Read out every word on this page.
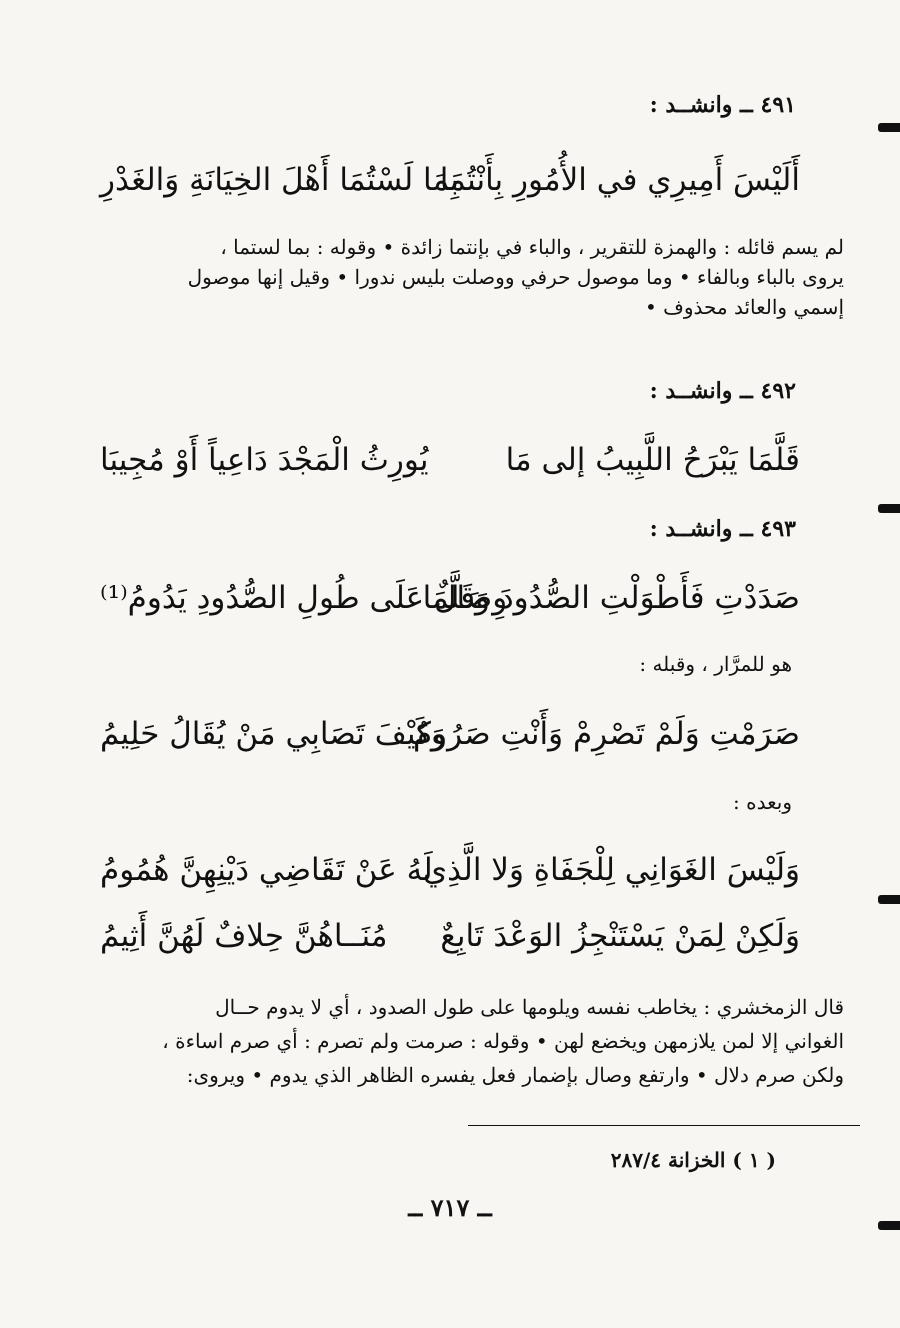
٤٩١ ــ وانشــد :
أَلَيْسَ أَمِيرِي في الأُمُورِ بِأَنْتُمَا
بِمَا لَسْتُمَا أَهْلَ الخِيَانَةِ وَالغَدْرِ
لم يسم قائله : والهمزة للتقرير ، والباء في بإنتما زائدة • وقوله : بما لستما ،
يروى بالباء وبالفاء • وما موصول حرفي ووصلت بليس ندورا • وقيل إنها موصول
إسمي والعائد محذوف •
٤٩٢ ــ وانشــد :
قَلَّمَا يَبْرَحُ اللَّبِيبُ إلى مَا
يُورِثُ الْمَجْدَ دَاعِياً أَوْ مُجِيبَا
٤٩٣ ــ وانشــد :
صَدَدْتِ فَأَطْوَلْتِ الصُّدُودَ وَقَلَّمَا
وِصَالٌ عَلَى طُولِ الصُّدُودِ يَدُومُ⁽¹⁾
هو للمرَّار ، وقبله :
صَرَمْتِ وَلَمْ تَصْرِمْ وَأَنْتِ صَرُومُ
وَكَيْفَ تَصَابِي مَنْ يُقَالُ حَلِيمُ
وبعده :
وَلَيْسَ الغَوَانِي لِلْجَفَاةِ وَلا الَّذِي
لَهُ عَنْ تَقَاضِي دَيْنِهِنَّ هُمُومُ
وَلَكِنْ لِمَنْ يَسْتَنْجِزُ الوَعْدَ تَابِعٌ
مُنَــاهُنَّ حِلافٌ لَهُنَّ أَثِيمُ
قال الزمخشري : يخاطب نفسه ويلومها على طول الصدود ، أي لا يدوم حــال
الغواني إلا لمن يلازمهن ويخضع لهن • وقوله : صرمت ولم تصرم : أي صرم اساءة ،
ولكن صرم دلال • وارتفع وصال بإضمار فعل يفسره الظاهر الذي يدوم • ويروى:
( ١ ) الخزانة ٢٨٧/٤
ــ ٧١٧ ــ
